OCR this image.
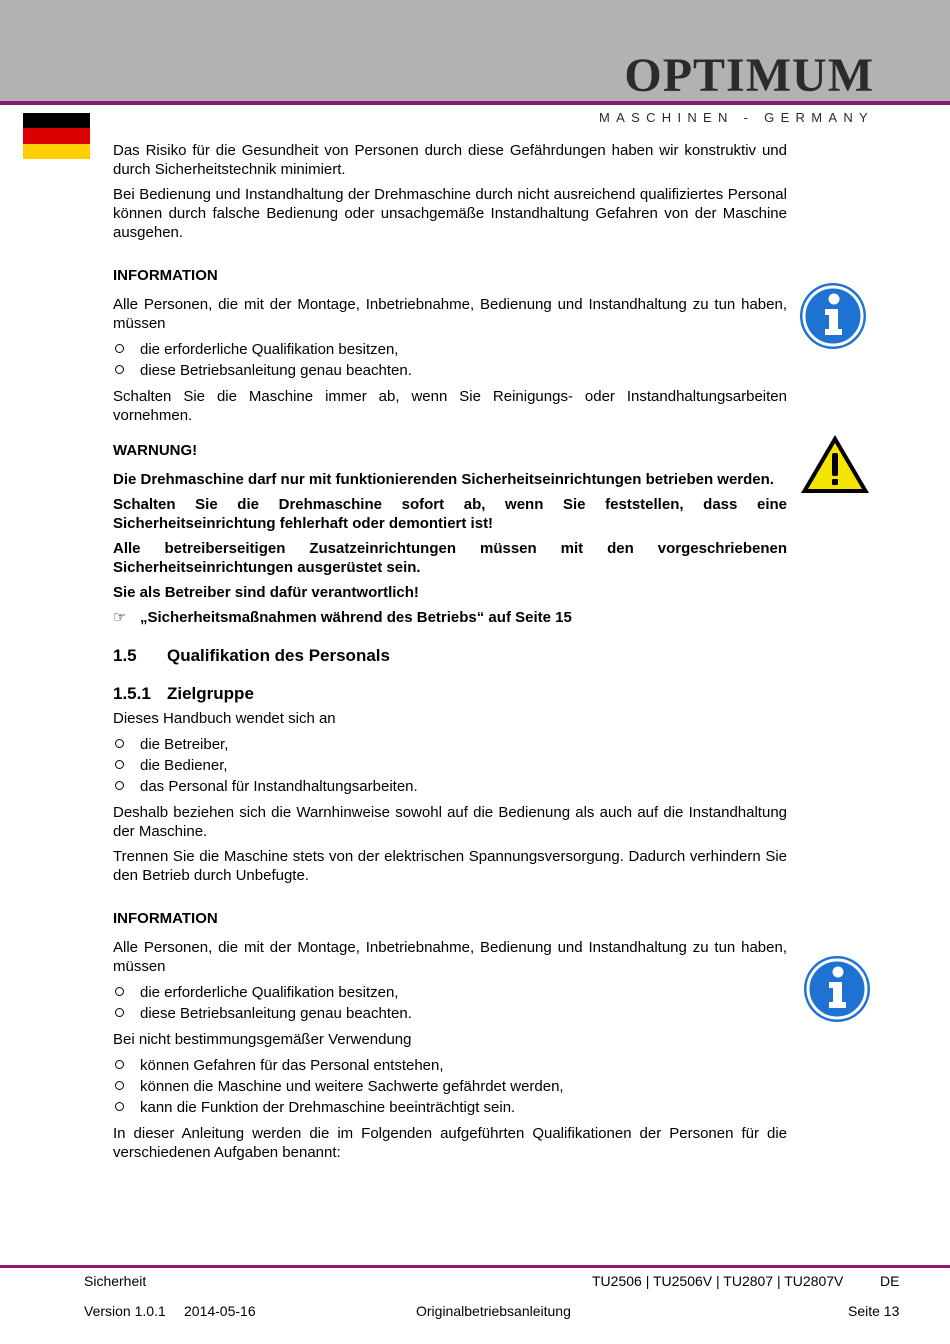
OPTIMUM
MASCHINEN - GERMANY

Das Risiko für die Gesundheit von Personen durch diese Gefährdungen haben wir konstruktiv und durch Sicherheitstechnik minimiert.

Bei Bedienung und Instandhaltung der Drehmaschine durch nicht ausreichend qualifiziertes Personal können durch falsche Bedienung oder unsachgemäße Instandhaltung Gefahren von der Maschine ausgehen.

INFORMATION

Alle Personen, die mit der Montage, Inbetriebnahme, Bedienung und Instandhaltung zu tun haben, müssen

die erforderliche Qualifikation besitzen,
diese Betriebsanleitung genau beachten.

Schalten Sie die Maschine immer ab, wenn Sie Reinigungs- oder Instandhaltungsarbeiten vornehmen.

WARNUNG!

Die Drehmaschine darf nur mit funktionierenden Sicherheitseinrichtungen betrieben werden.

Schalten Sie die Drehmaschine sofort ab, wenn Sie feststellen, dass eine Sicherheitseinrichtung fehlerhaft oder demontiert ist!

Alle betreiberseitigen Zusatzeinrichtungen müssen mit den vorgeschriebenen Sicherheitseinrichtungen ausgerüstet sein.

Sie als Betreiber sind dafür verantwortlich!

☞ „Sicherheitsmaßnahmen während des Betriebs“ auf Seite 15
1.5	Qualifikation des Personals
1.5.1 Zielgruppe

Dieses Handbuch wendet sich an

die Betreiber,
die Bediener,
das Personal für Instandhaltungsarbeiten.

Deshalb beziehen sich die Warnhinweise sowohl auf die Bedienung als auch auf die Instandhaltung der Maschine.

Trennen Sie die Maschine stets von der elektrischen Spannungsversorgung. Dadurch verhindern Sie den Betrieb durch Unbefugte.

INFORMATION

Alle Personen, die mit der Montage, Inbetriebnahme, Bedienung und Instandhaltung zu tun haben, müssen

die erforderliche Qualifikation besitzen,
diese Betriebsanleitung genau beachten.

Bei nicht bestimmungsgemäßer Verwendung

können Gefahren für das Personal entstehen,
können die Maschine und weitere Sachwerte gefährdet werden,
kann die Funktion der Drehmaschine beeinträchtigt sein.

In dieser Anleitung werden die im Folgenden aufgeführten Qualifikationen der Personen für die verschiedenen Aufgaben benannt:

Sicherheit	TU2506 | TU2506V | TU2807 | TU2807V	DE
Version 1.0.1 2014-05-16	Originalbetriebsanleitung	Seite 13
